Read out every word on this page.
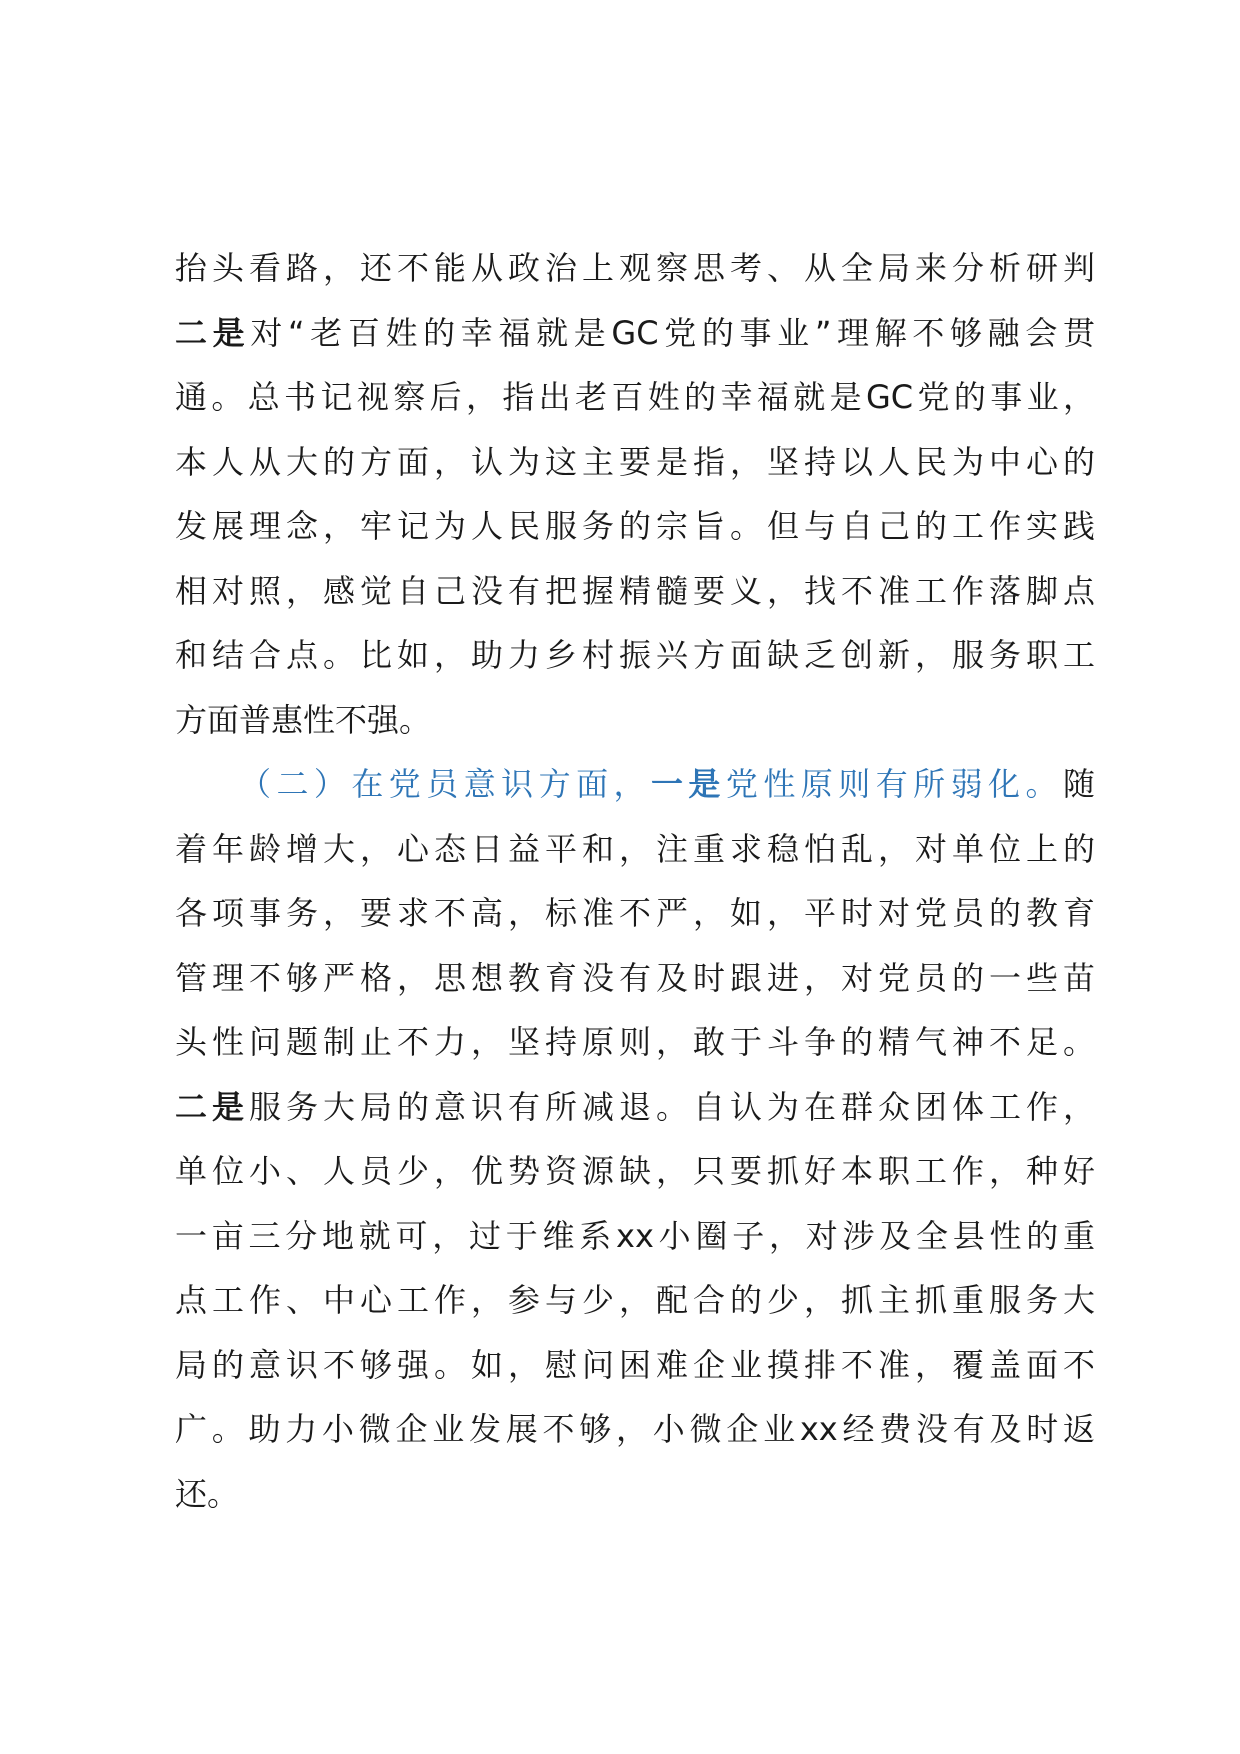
抬头看路，还不能从政治上观察思考、从全局来分析研判
二是对“老百姓的幸福就是GC党的事业”理解不够融会贯
通。总书记视察后，指出老百姓的幸福就是GC党的事业，
本人从大的方面，认为这主要是指，坚持以人民为中心的
发展理念，牢记为人民服务的宗旨。但与自己的工作实践
相对照，感觉自己没有把握精髓要义，找不准工作落脚点
和结合点。比如，助力乡村振兴方面缺乏创新，服务职工
方面普惠性不强。
（二）在党员意识方面，一是党性原则有所弱化。随
着年龄增大，心态日益平和，注重求稳怕乱，对单位上的
各项事务，要求不高，标准不严，如，平时对党员的教育
管理不够严格，思想教育没有及时跟进，对党员的一些苗
头性问题制止不力，坚持原则，敢于斗争的精气神不足。
二是服务大局的意识有所减退。自认为在群众团体工作，
单位小、人员少，优势资源缺，只要抓好本职工作，种好
一亩三分地就可，过于维系xx小圈子，对涉及全县性的重
点工作、中心工作，参与少，配合的少，抓主抓重服务大
局的意识不够强。如，慰问困难企业摸排不准，覆盖面不
广。助力小微企业发展不够，小微企业xx经费没有及时返
还。
